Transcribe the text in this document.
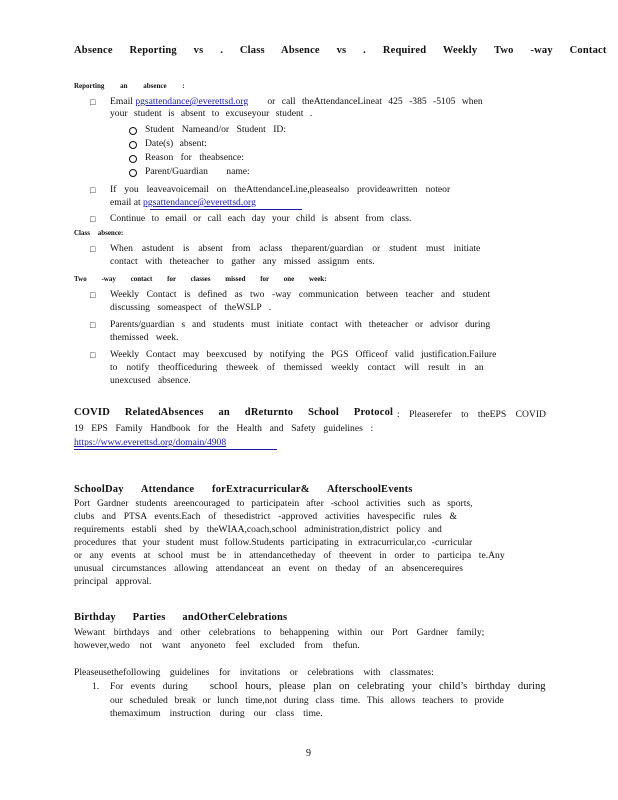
Absence Reporting vs . Class Absence vs . Required Weekly Two -way Contact
Reporting an absence :
□ Email pgsattendance@everettsd.org or call theAttendanceLineat 425 -385 -5105 when
your student is absent to excuseyour student .
Student Nameand/or Student ID:
Date(s) absent:
Reason for theabsence:
Parent/Guardian name:
□ If you leaveavoicemail on theAttendanceLine,pleasealso provideawritten noteor
email at pgsattendance@everettsd.org
□ Continue to email or call each day your child is absent from class.
Class absence:
□ When astudent is absent from aclass theparent/guardian or student must initiate
contact with theteacher to gather any missed assignm ents.
Two -way contact for classes missed for one week:
□ Weekly Contact is defined as two -way communication between teacher and student
discussing someaspect of theWSLP .
□ Parents/guardian s and students must initiate contact with theteacher or advisor during
themissed week.
□ Weekly Contact may beexcused by notifying the PGS Officeof valid justification.Failure
to notify theofficeduring theweek of themissed weekly contact will result in an
unexcused absence.
COVID RelatedAbsences an dReturnto School Protocol : Pleaserefer to theEPS COVID
19 EPS Family Handbook for the Health and Safety guidelines :
https://www.everettsd.org/domain/4908
SchoolDay Attendance forExtracurricular& AfterschoolEvents
Port Gardner students areencouraged to participatein after -school activities such as sports,
clubs and PTSA events.Each of thesedistrict -approved activities havespecific rules &
requirements establi shed by theWIAA,coach,school administration,district policy and
procedures that your student must follow.Students participating in extracurricular,co -curricular
or any events at school must be in attendancetheday of theevent in order to participa te.Any
unusual circumstances allowing attendanceat an event on theday of an absencerequires
principal approval.
Birthday Parties andOtherCelebrations
Wewant birthdays and other celebrations to behappening within our Port Gardner family;
however,wedo not want anyoneto feel excluded from thefun.
Pleaseusethefollowing guidelines for invitations or celebrations with classmates:
1. For events during school hours, please plan on celebrating your child’s birthday during
our scheduled break or lunch time,not during class time. This allows teachers to provide
themaximum instruction during our class time.
9
